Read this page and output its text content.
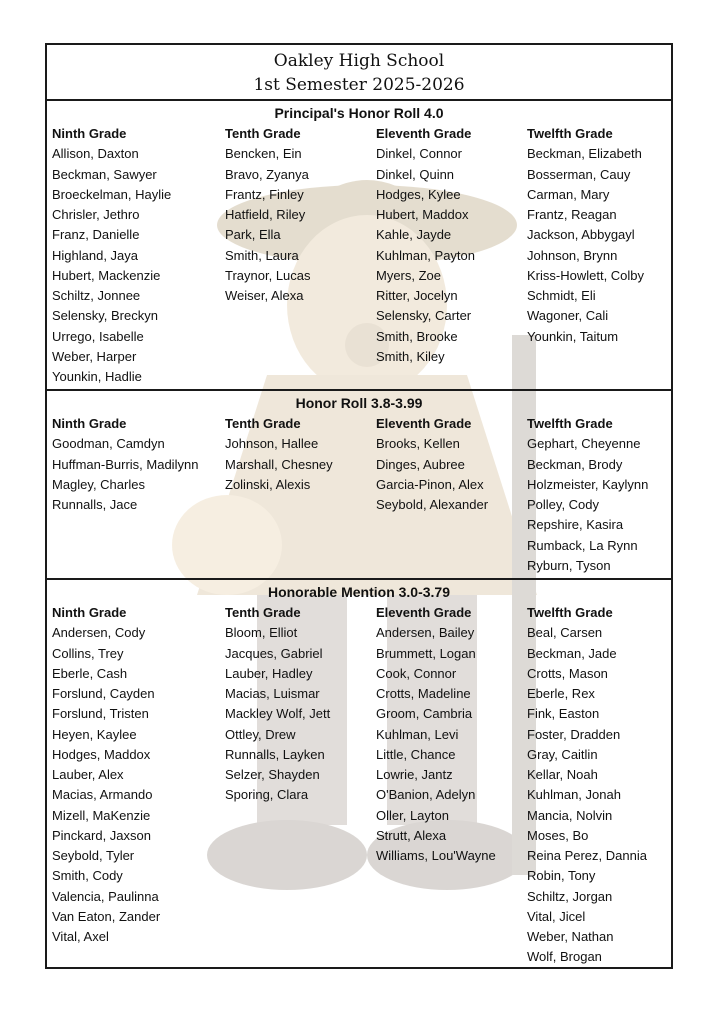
Oakley High School
1st Semester 2025-2026
Principal's Honor Roll 4.0
Ninth Grade
Allison, Daxton
Beckman, Sawyer
Broeckelman, Haylie
Chrisler, Jethro
Franz, Danielle
Highland, Jaya
Hubert, Mackenzie
Schiltz, Jonnee
Selensky, Breckyn
Urrego, Isabelle
Weber, Harper
Younkin, Hadlie
Tenth Grade
Bencken, Ein
Bravo, Zyanya
Frantz, Finley
Hatfield, Riley
Park, Ella
Smith, Laura
Traynor, Lucas
Weiser, Alexa
Eleventh Grade
Dinkel, Connor
Dinkel, Quinn
Hodges, Kylee
Hubert, Maddox
Kahle, Jayde
Kuhlman, Payton
Myers, Zoe
Ritter, Jocelyn
Selensky, Carter
Smith, Brooke
Smith, Kiley
Twelfth Grade
Beckman, Elizabeth
Bosserman, Cauy
Carman, Mary
Frantz, Reagan
Jackson, Abbygayl
Johnson, Brynn
Kriss-Howlett, Colby
Schmidt, Eli
Wagoner, Cali
Younkin, Taitum
Honor Roll 3.8-3.99
Ninth Grade
Goodman, Camdyn
Huffman-Burris, Madilynn
Magley, Charles
Runnalls, Jace
Tenth Grade
Johnson, Hallee
Marshall, Chesney
Zolinski, Alexis
Eleventh Grade
Brooks, Kellen
Dinges, Aubree
Garcia-Pinon, Alex
Seybold, Alexander
Twelfth Grade
Gephart, Cheyenne
Beckman, Brody
Holzmeister, Kaylynn
Polley, Cody
Repshire, Kasira
Rumback, La Rynn
Ryburn, Tyson
Honorable Mention 3.0-3.79
Ninth Grade
Andersen, Cody
Collins, Trey
Eberle, Cash
Forslund, Cayden
Forslund, Tristen
Heyen, Kaylee
Hodges, Maddox
Lauber, Alex
Macias, Armando
Mizell, MaKenzie
Pinckard, Jaxson
Seybold, Tyler
Smith, Cody
Valencia, Paulinna
Van Eaton, Zander
Vital, Axel
Tenth Grade
Bloom, Elliot
Jacques, Gabriel
Lauber, Hadley
Macias, Luismar
Mackley Wolf, Jett
Ottley, Drew
Runnalls, Layken
Selzer, Shayden
Sporing, Clara
Eleventh Grade
Andersen, Bailey
Brummett, Logan
Cook, Connor
Crotts, Madeline
Groom, Cambria
Kuhlman, Levi
Little, Chance
Lowrie, Jantz
O'Banion, Adelyn
Oller, Layton
Strutt, Alexa
Williams, Lou'Wayne
Twelfth Grade
Beal, Carsen
Beckman, Jade
Crotts, Mason
Eberle, Rex
Fink, Easton
Foster, Dradden
Gray, Caitlin
Kellar, Noah
Kuhlman, Jonah
Mancia, Nolvin
Moses, Bo
Reina Perez, Dannia
Robin, Tony
Schiltz, Jorgan
Vital, Jicel
Weber, Nathan
Wolf, Brogan
